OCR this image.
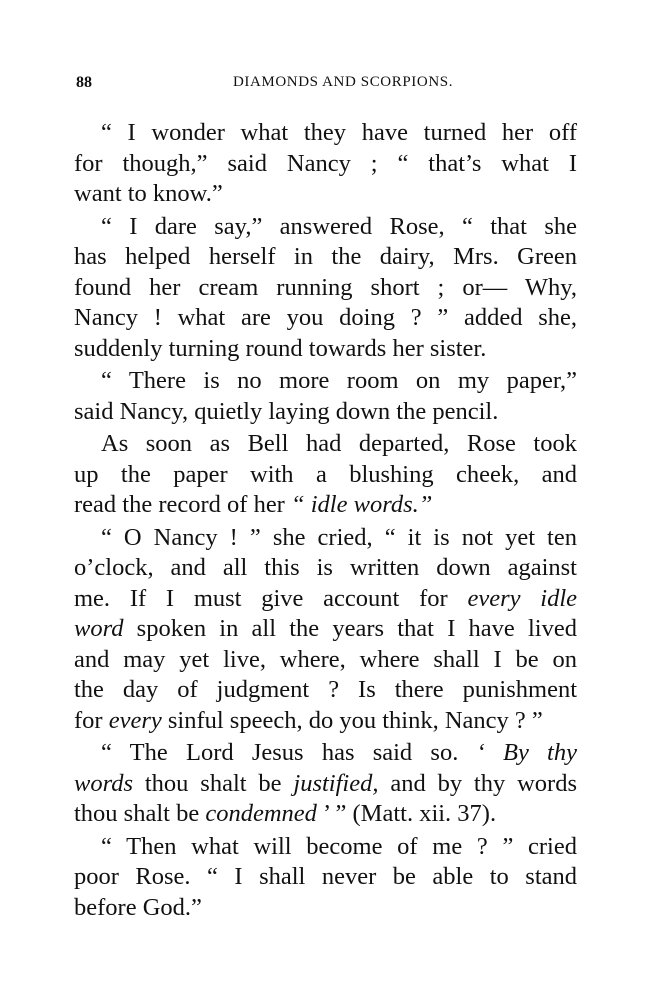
88	DIAMONDS AND SCORPIONS.
“ I wonder what they have turned her off
for though,” said Nancy ; “ that’s what I
want to know.”
“ I dare say,” answered Rose, “ that she
has helped herself in the dairy, Mrs. Green
found her cream running short ; or— Why,
Nancy ! what are you doing ? ” added she,
suddenly turning round towards her sister.
“ There is no more room on my paper,”
said Nancy, quietly laying down the pencil.
As soon as Bell had departed, Rose took
up the paper with a blushing cheek, and
read the record of her “ idle words.”
“ O Nancy ! ” she cried, “ it is not yet ten
o’clock, and all this is written down against
me. If I must give account for every idle
word spoken in all the years that I have lived
and may yet live, where, where shall I be on
the day of judgment ? Is there punishment
for every sinful speech, do you think, Nancy ? ”
“ The Lord Jesus has said so. ‘ By thy
words thou shalt be justified, and by thy words
thou shalt be condemned ’ ” (Matt. xii. 37).
“ Then what will become of me ? ” cried
poor Rose. “ I shall never be able to stand
before God.”
